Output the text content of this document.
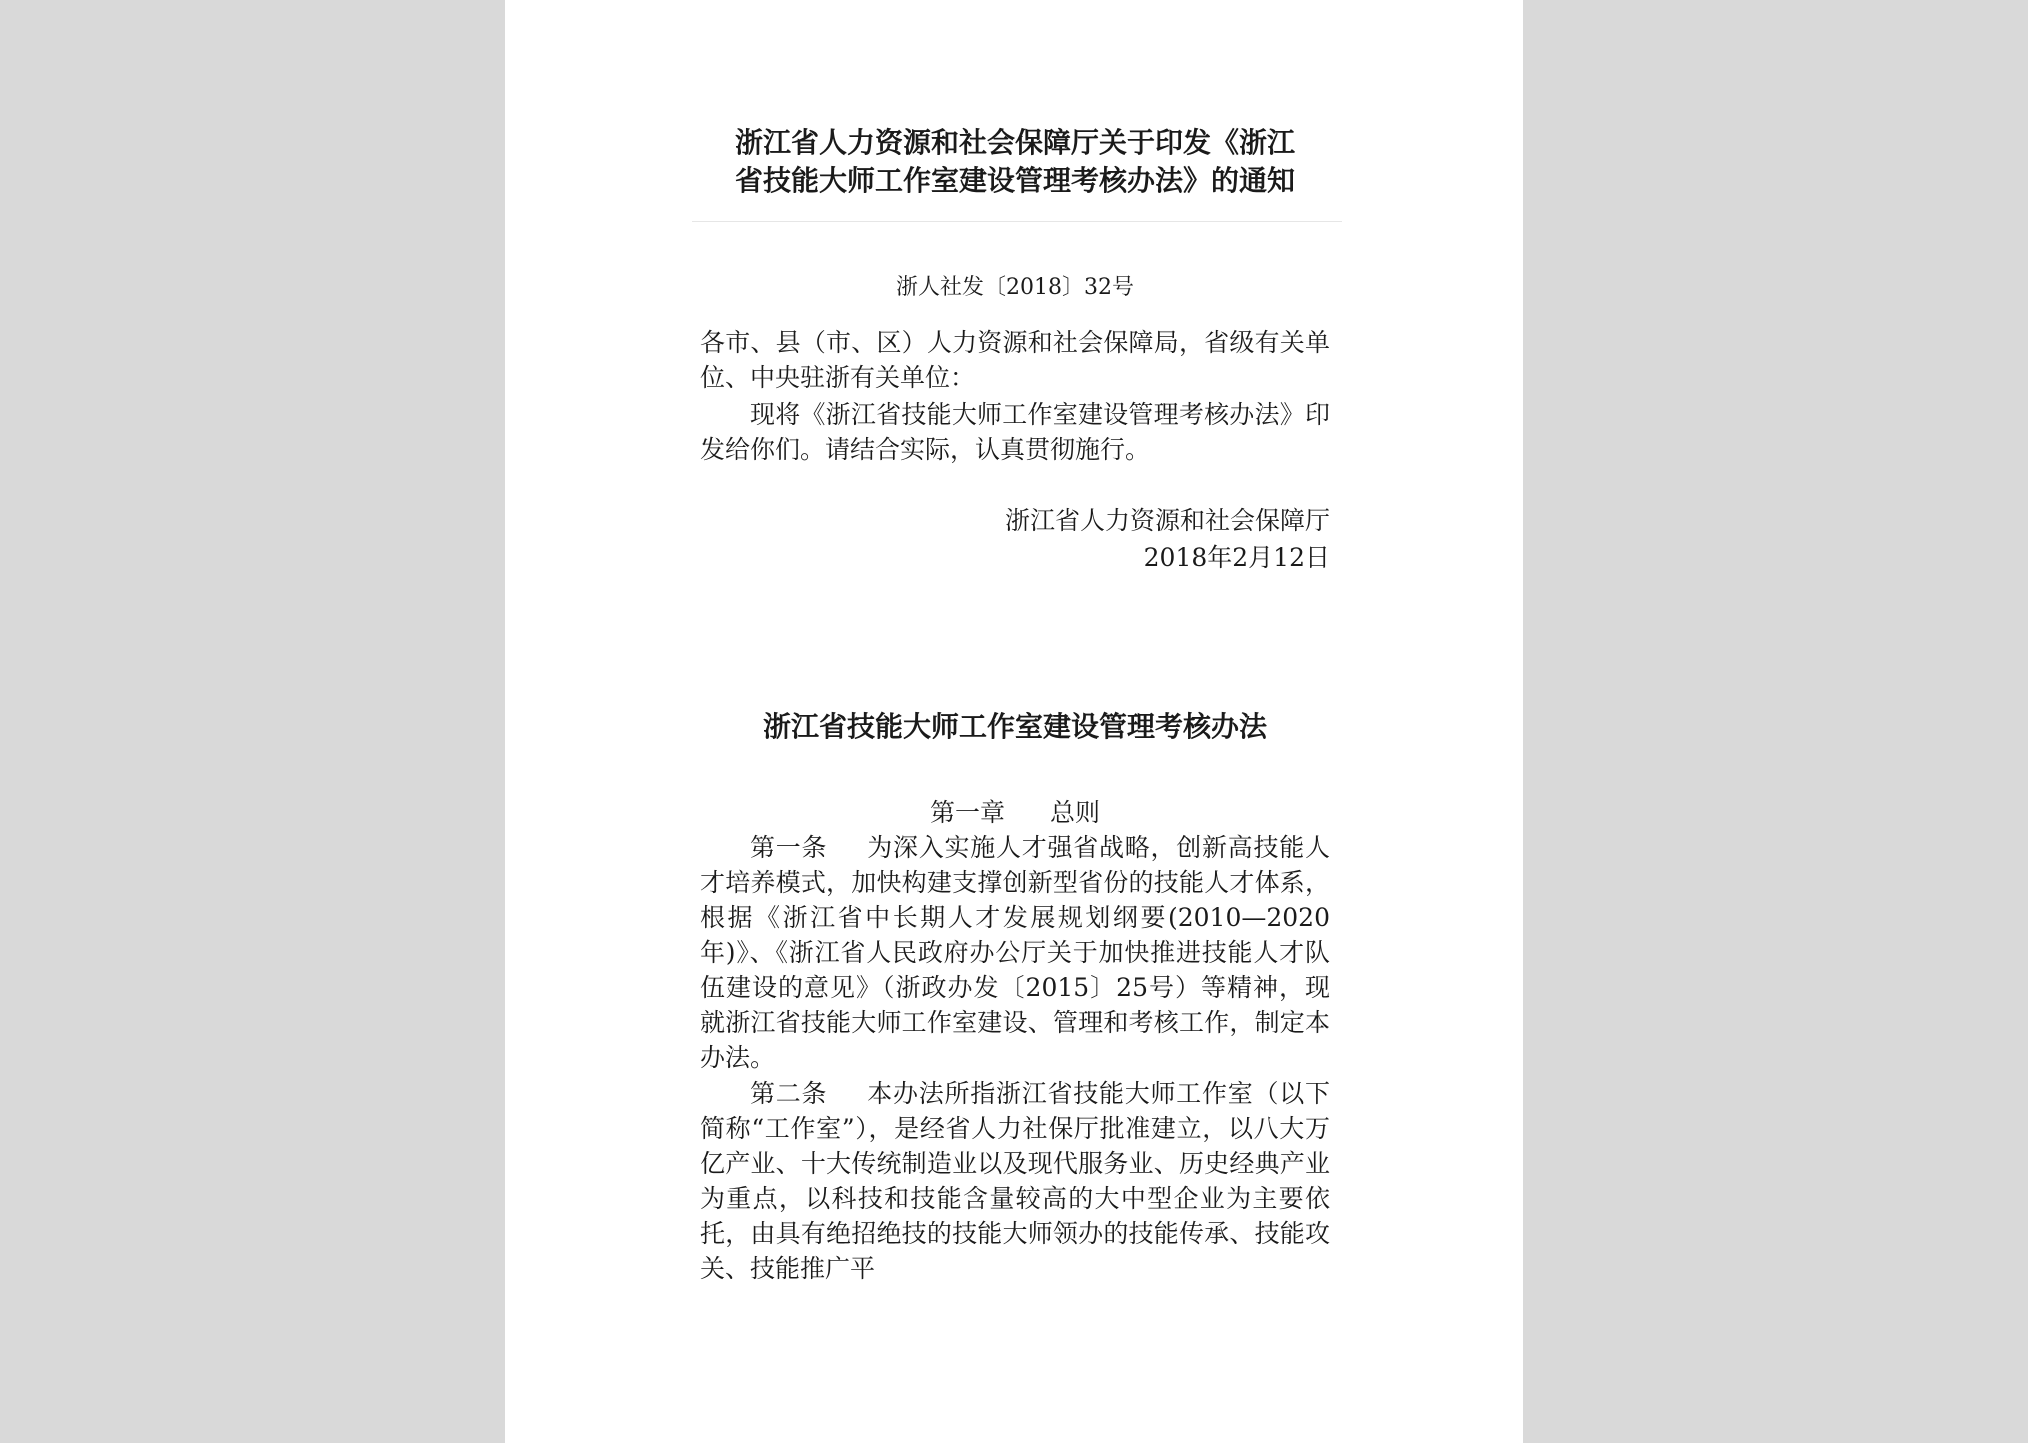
浙江省人力资源和社会保障厅关于印发《浙江
省技能大师工作室建设管理考核办法》的通知
浙人社发〔2018〕32号

各市、县（市、区）人力资源和社会保障局，省级有关单位、中央驻浙有关单位：

现将《浙江省技能大师工作室建设管理考核办法》印发给你们。请结合实际，认真贯彻施行。

浙江省人力资源和社会保障厅
2018年2月12日
浙江省技能大师工作室建设管理考核办法
第一章 总则

第一条 为深入实施人才强省战略，创新高技能人才培养模式，加快构建支撑创新型省份的技能人才体系，根据《浙江省中长期人才发展规划纲要(2010—2020年)》、《浙江省人民政府办公厅关于加快推进技能人才队伍建设的意见》（浙政办发〔2015〕25号）等精神，现就浙江省技能大师工作室建设、管理和考核工作，制定本办法。

第二条 本办法所指浙江省技能大师工作室（以下简称“工作室”），是经省人力社保厅批准建立，以八大万亿产业、十大传统制造业以及现代服务业、历史经典产业为重点，以科技和技能含量较高的大中型企业为主要依托，由具有绝招绝技的技能大师领办的技能传承、技能攻关、技能推广平
